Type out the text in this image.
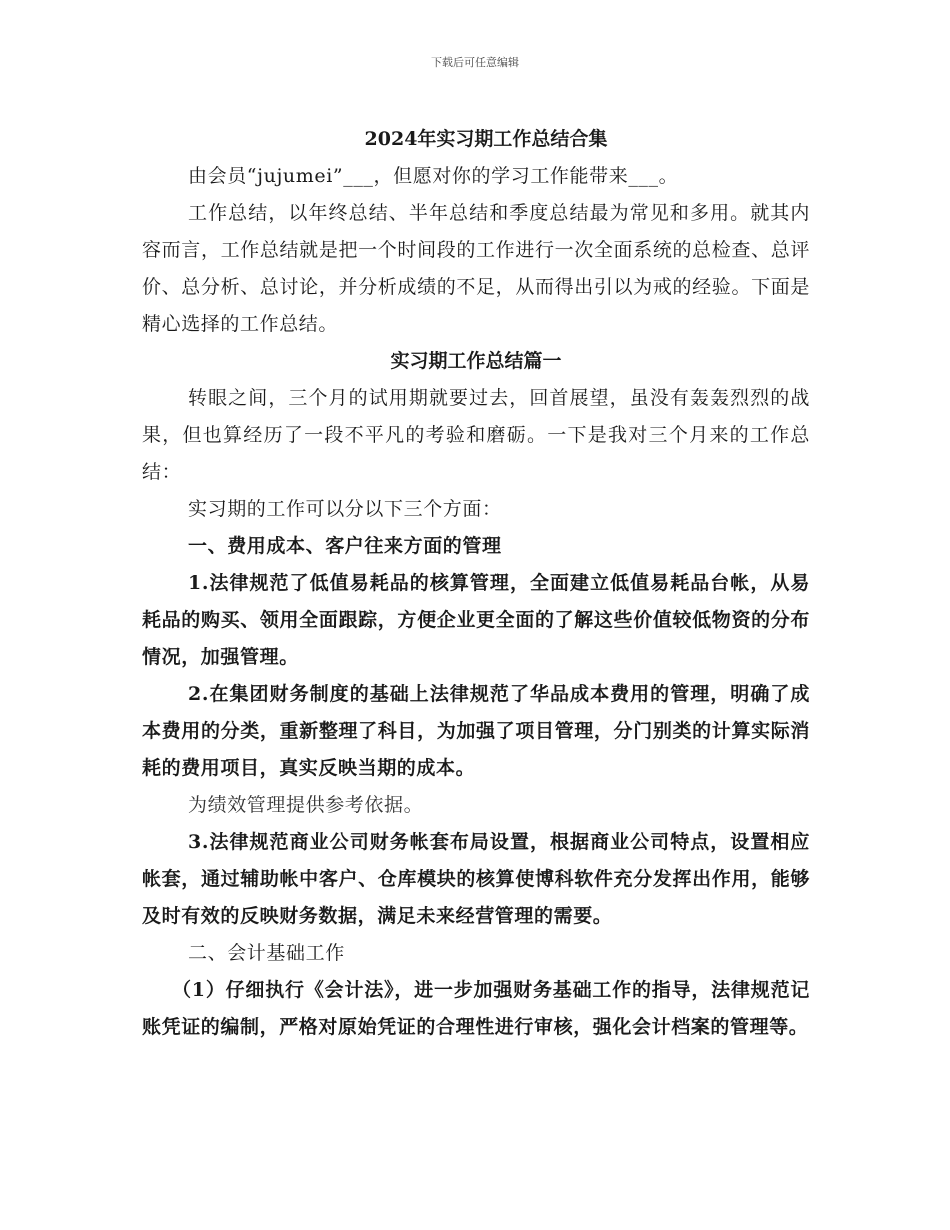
下载后可任意编辑
2024年实习期工作总结合集

由会员“jujumei”___，但愿对你的学习工作能带来___。

工作总结，以年终总结、半年总结和季度总结最为常见和多用。就其内容而言，工作总结就是把一个时间段的工作进行一次全面系统的总检查、总评价、总分析、总讨论，并分析成绩的不足，从而得出引以为戒的经验。下面是精心选择的工作总结。

实习期工作总结篇一

转眼之间，三个月的试用期就要过去，回首展望，虽没有轰轰烈烈的战果，但也算经历了一段不平凡的考验和磨砺。一下是我对三个月来的工作总结：

实习期的工作可以分以下三个方面：

一、费用成本、客户往来方面的管理

1.法律规范了低值易耗品的核算管理，全面建立低值易耗品台帐，从易耗品的购买、领用全面跟踪，方便企业更全面的了解这些价值较低物资的分布情况，加强管理。

2.在集团财务制度的基础上法律规范了华品成本费用的管理，明确了成本费用的分类，重新整理了科目，为加强了项目管理，分门别类的计算实际消耗的费用项目，真实反映当期的成本。

为绩效管理提供参考依据。

3.法律规范商业公司财务帐套布局设置，根据商业公司特点，设置相应帐套，通过辅助帐中客户、仓库模块的核算使博科软件充分发挥出作用，能够及时有效的反映财务数据，满足未来经营管理的需要。

二、会计基础工作

（1）仔细执行《会计法》，进一步加强财务基础工作的指导，法律规范记账凭证的编制，严格对原始凭证的合理性进行审核，强化会计档案的管理等。
